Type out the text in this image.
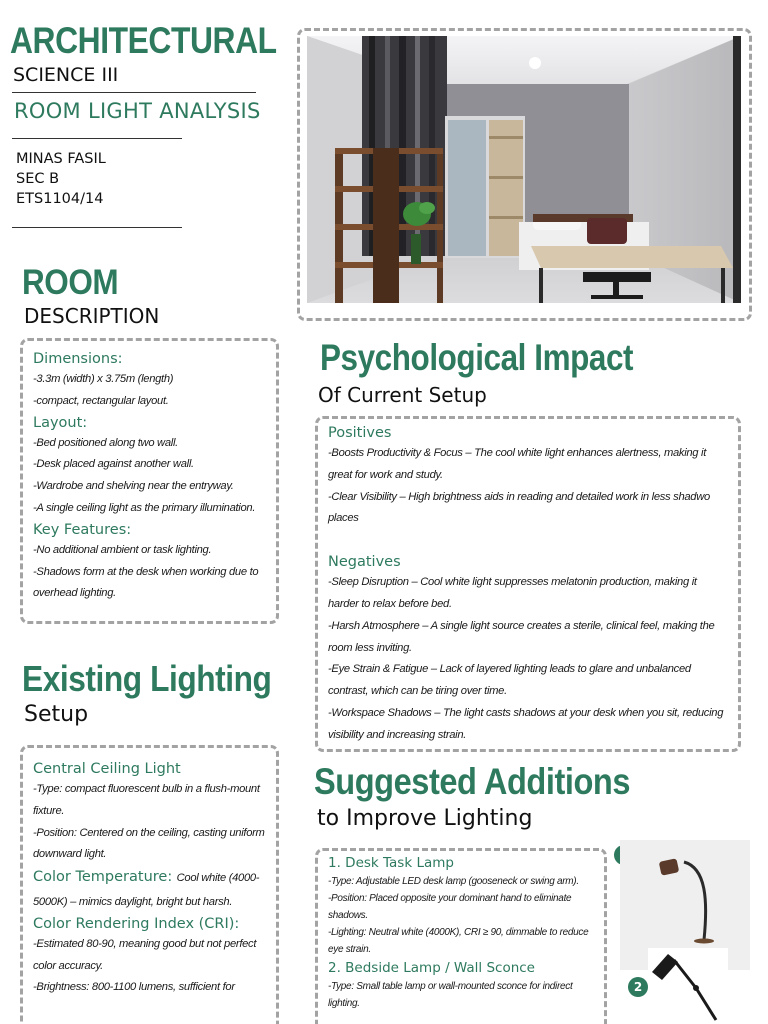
ARCHITECTURAL
SCIENCE III
ROOM LIGHT ANALYSIS
MINAS FASIL
SEC B
ETS1104/14
ROOM
DESCRIPTION
Dimensions:
-3.3m (width) x 3.75m (length)
-compact, rectangular layout.
Layout:
-Bed positioned along two wall.
-Desk placed against another wall.
-Wardrobe and shelving near the entryway.
-A single ceiling light as the primary illumination.
Key Features:
-No additional ambient or task lighting.
-Shadows form at the desk when working due to overhead lighting.
Existing Lighting
Setup
Central Ceiling Light
-Type: compact fluorescent bulb in a flush-mount fixture.
-Position: Centered on the ceiling, casting uniform downward light.
Color Temperature: Cool white (4000-5000K) – mimics daylight, bright but harsh.
Color Rendering Index (CRI):
-Estimated 80-90, meaning good but not perfect color accuracy.
-Brightness: 800-1100 lumens, sufficient for
Psychological Impact
Of Current Setup
Positives
-Boosts Productivity & Focus – The cool white light enhances alertness, making it great for work and study.
-Clear Visibility – High brightness aids in reading and detailed work in less shadwo places
Negatives
-Sleep Disruption – Cool white light suppresses melatonin production, making it harder to relax before bed.
-Harsh Atmosphere – A single light source creates a sterile, clinical feel, making the room less inviting.
-Eye Strain & Fatigue – Lack of layered lighting leads to glare and unbalanced contrast, which can be tiring over time.
-Workspace Shadows – The light casts shadows at your desk when you sit, reducing visibility and increasing strain.
Suggested Additions
to Improve Lighting
1. Desk Task Lamp
-Type: Adjustable LED desk lamp (gooseneck or swing arm).
-Position: Placed opposite your dominant hand to eliminate shadows.
-Lighting: Neutral white (4000K), CRI ≥ 90, dimmable to reduce eye strain.
2. Bedside Lamp / Wall Sconce
-Type: Small table lamp or wall-mounted sconce for indirect lighting.
2
